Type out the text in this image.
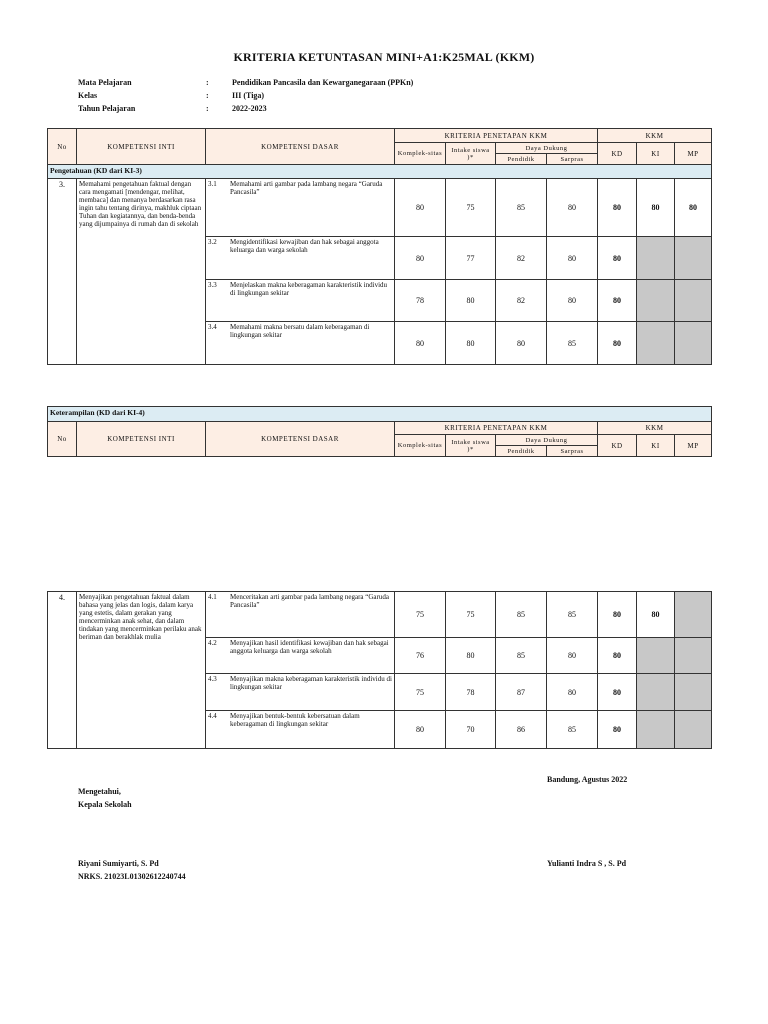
KRITERIA KETUNTASAN MINI+A1:K25MAL (KKM)
Mata Pelajaran	:	Pendidikan Pancasila dan Kewarganegaraan (PPKn)
Kelas	:	III (Tiga)
Tahun Pelajaran	:	2022-2023
No	KOMPETENSI INTI	KOMPETENSI DASAR	KRITERIA PENETAPAN KKM				KKM		
			Komplek-sitas	Intake siswa )*	Daya Dukung		KD	KI	MP
					Pendidik	Sarpras			
Pengetahuan (KD dari KI-3)									
3.	Memahami pengetahuan faktual dengan cara mengamati [mendengar, melihat, membaca] dan menanya berdasarkan rasa ingin tahu tentang dirinya, makhluk ciptaan Tuhan dan kegiatannya, dan benda-benda yang dijumpainya di rumah dan di sekolah	3.1 Memahami arti gambar pada lambang negara “Garuda Pancasila”	80	75	85	80	80	80	80

		3.2 Mengidentifikasi kewajiban dan hak sebagai anggota keluarga dan warga sekolah	80	77	82	80	80		

		3.3 Menjelaskan makna keberagaman karakteristik individu di lingkungan sekitar	78	80	82	80	80		

		3.4 Memahami makna bersatu dalam keberagaman di lingkungan sekitar	80	80	80	85	80		
Keterampilan (KD dari KI-4)									
No	KOMPETENSI INTI	KOMPETENSI DASAR	KRITERIA PENETAPAN KKM				KKM		
			Komplek-sitas	Intake siswa )*	Daya Dukung		KD	KI	MP
					Pendidik	Sarpras			
4.	Menyajikan pengetahuan faktual dalam bahasa yang jelas dan logis, dalam karya yang estetis, dalam gerakan yang mencerminkan anak sehat, dan dalam tindakan yang mencerminkan perilaku anak beriman dan berakhlak mulia	4.1 Menceritakan arti gambar pada lambang negara “Garuda Pancasila”	75	75	85	85	80	80	

		4.2 Menyajikan hasil identifikasi kewajiban dan hak sebagai anggota keluarga dan warga sekolah	76	80	85	80	80		

		4.3 Menyajikan makna keberagaman karakteristik individu di lingkungan sekitar	75	78	87	80	80		

		4.4 Menyajikan bentuk-bentuk kebersatuan dalam keberagaman di lingkungan sekitar	80	70	86	85	80		
Bandung, Agustus 2022
Mengetahui,
Kepala Sekolah
Riyani Sumiyarti, S. Pd
NRKS. 21023L01302612240744
Yulianti Indra S , S. Pd
